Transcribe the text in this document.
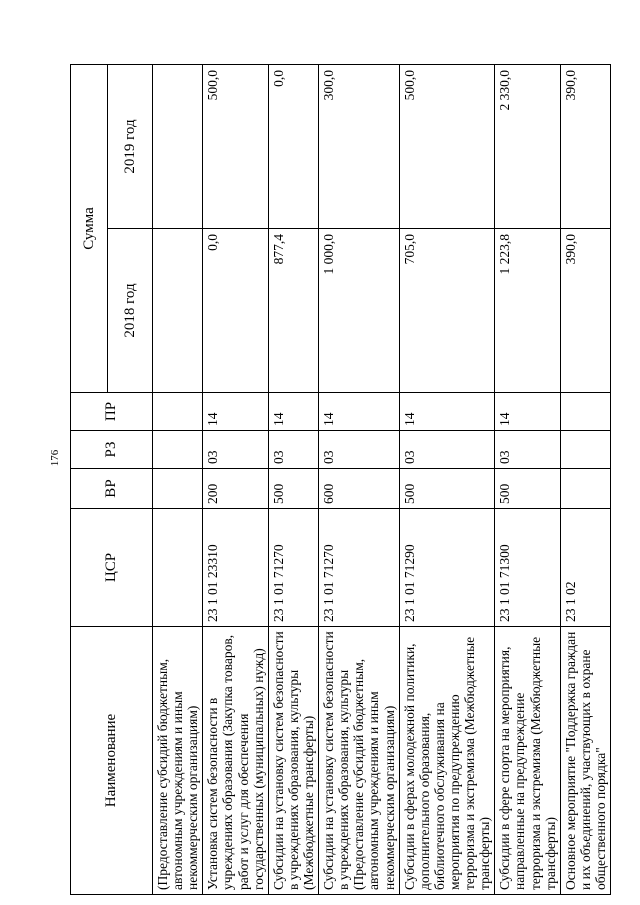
176
Наименование	ЦСР	ВР	РЗ	ПР	Сумма	
					2018 год	2019 год
(Предоставление субсидий бюджетным, автономным учреждениям и иным некоммерческим организациям)						
Установка систем безопасности в учреждениях образования (Закупка товаров, работ и услуг для обеспечения государственных (муниципальных) нужд)	23 1 01 23310	200	03	14	0,0	500,0
Субсидии на установку систем безопасности в учреждениях образования, культуры (Межбюджетные трансферты)	23 1 01 71270	500	03	14	877,4	0,0
Субсидии на установку систем безопасности в учреждениях образования, культуры (Предоставление субсидий бюджетным, автономным учреждениям и иным некоммерческим организациям)	23 1 01 71270	600	03	14	1 000,0	300,0
Субсидии в сферах молодежной политики, дополнительного образования, библиотечного обслуживания на мероприятия по предупреждению терроризма и экстремизма (Межбюджетные трансферты)	23 1 01 71290	500	03	14	705,0	500,0
Субсидии в сфере спорта на мероприятия, направленные на предупреждение терроризма и экстремизма (Межбюджетные трансферты)	23 1 01 71300	500	03	14	1 223,8	2 330,0
Основное мероприятие "Поддержка граждан и их объединений, участвующих в охране общественного порядка"	23 1 02				390,0	390,0
